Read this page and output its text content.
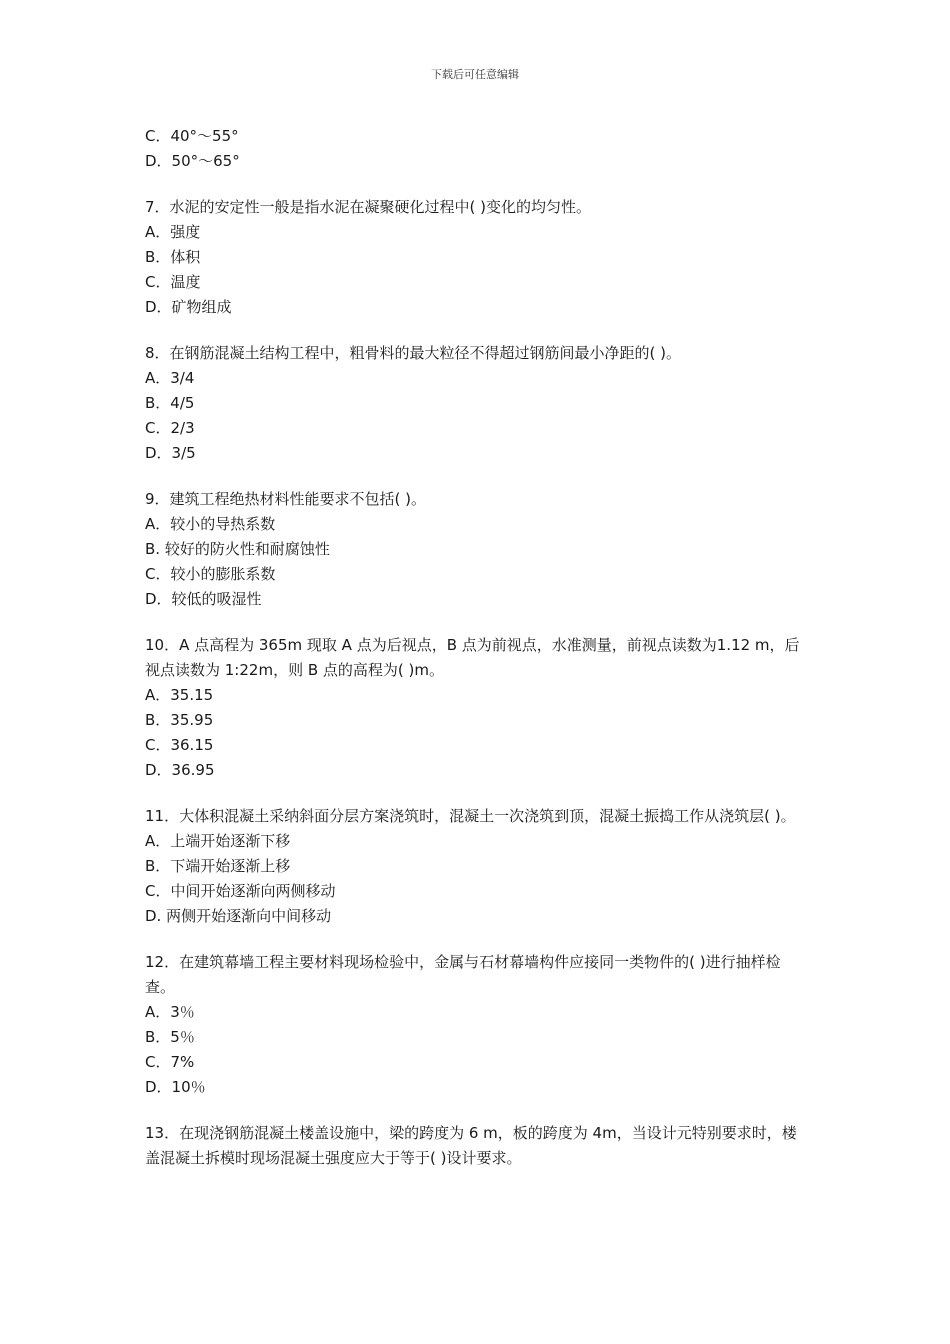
下载后可任意编辑

C．40°～55°

D．50°～65°

7．水泥的安定性一般是指水泥在凝聚硬化过程中( )变化的均匀性。

A．强度

B．体积

C．温度

D．矿物组成

8．在钢筋混凝土结构工程中，粗骨料的最大粒径不得超过钢筋间最小净距的( )。

A．3/4

B．4/5

C．2/3

D．3/5

9．建筑工程绝热材料性能要求不包括( )。

A．较小的导热系数

B. 较好的防火性和耐腐蚀性

C．较小的膨胀系数

D．较低的吸湿性

10．A 点高程为 365m 现取 A 点为后视点，B 点为前视点，水准测量，前视点读数为1.12 m，后视点读数为 1:22m，则 B 点的高程为( )m。

A．35.15

B．35.95

C．36.15

D．36.95

11．大体积混凝土采纳斜面分层方案浇筑时，混凝土一次浇筑到顶，混凝土振捣工作从浇筑层( )。

A．上端开始逐渐下移

B．下端开始逐渐上移

C．中间开始逐渐向两侧移动

D. 两侧开始逐渐向中间移动

12．在建筑幕墙工程主要材料现场检验中，金属与石材幕墙构件应接同一类物件的( )进行抽样检查。

A．3％

B．5％

C．7%

D．10％

13．在现浇钢筋混凝土楼盖设施中，梁的跨度为 6 m，板的跨度为 4m，当设计元特别要求时，楼盖混凝土拆模时现场混凝土强度应大于等于( )设计要求。
